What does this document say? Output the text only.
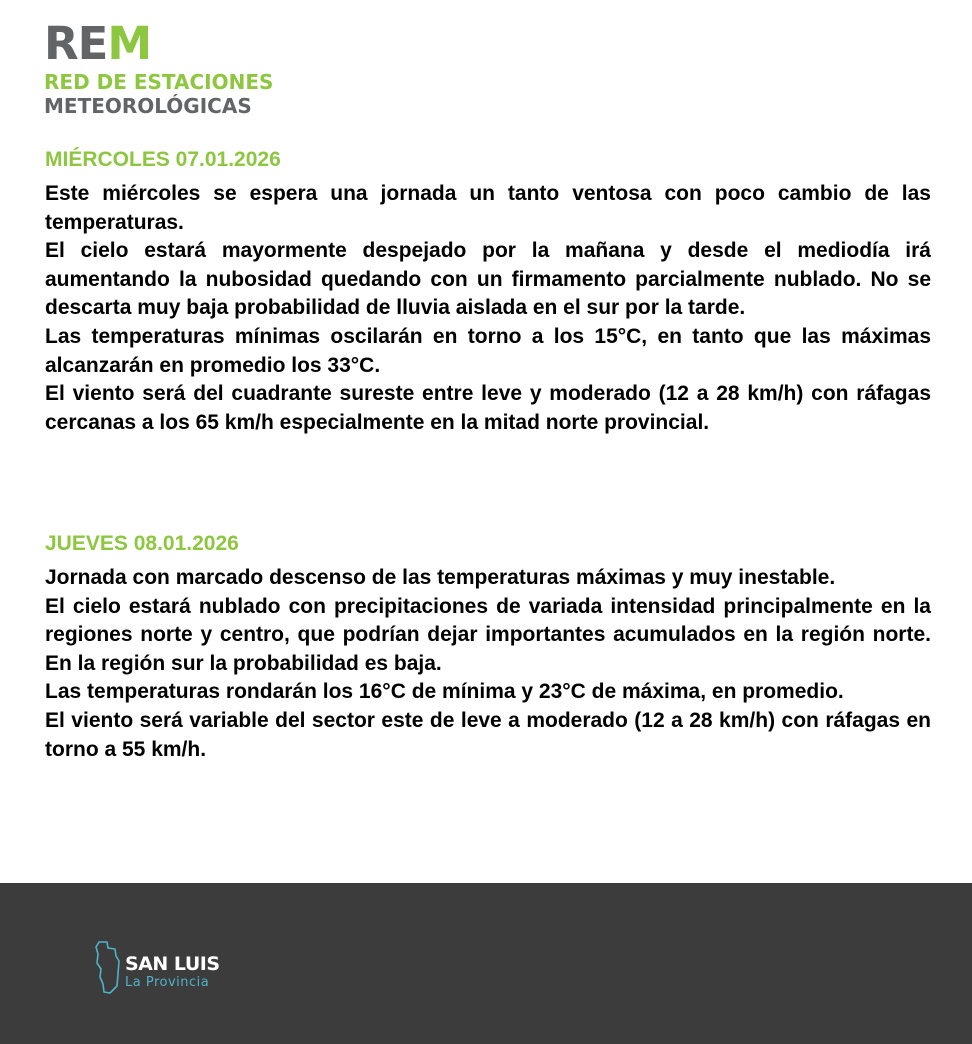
REM
RED DE ESTACIONES
METEOROLÓGICAS
MIÉRCOLES 07.01.2026

Este miércoles se espera una jornada un tanto ventosa con poco cambio de las temperaturas.

El cielo estará mayormente despejado por la mañana y desde el mediodía irá aumentando la nubosidad quedando con un firmamento parcialmente nublado. No se descarta muy baja probabilidad de lluvia aislada en el sur por la tarde.

Las temperaturas mínimas oscilarán en torno a los 15°C, en tanto que las máximas alcanzarán en promedio los 33°C.

El viento será del cuadrante sureste entre leve y moderado (12 a 28 km/h) con ráfagas cercanas a los 65 km/h especialmente en la mitad norte provincial.

JUEVES 08.01.2026

Jornada con marcado descenso de las temperaturas máximas y muy inestable.

El cielo estará nublado con precipitaciones de variada intensidad principalmente en la regiones norte y centro, que podrían dejar importantes acumulados en la región norte. En la región sur la probabilidad es baja.

Las temperaturas rondarán los 16°C de mínima y 23°C de máxima, en promedio.

El viento será variable del sector este de leve a moderado (12 a 28 km/h) con ráfagas en torno a 55 km/h.

SAN LUIS
La Provincia
